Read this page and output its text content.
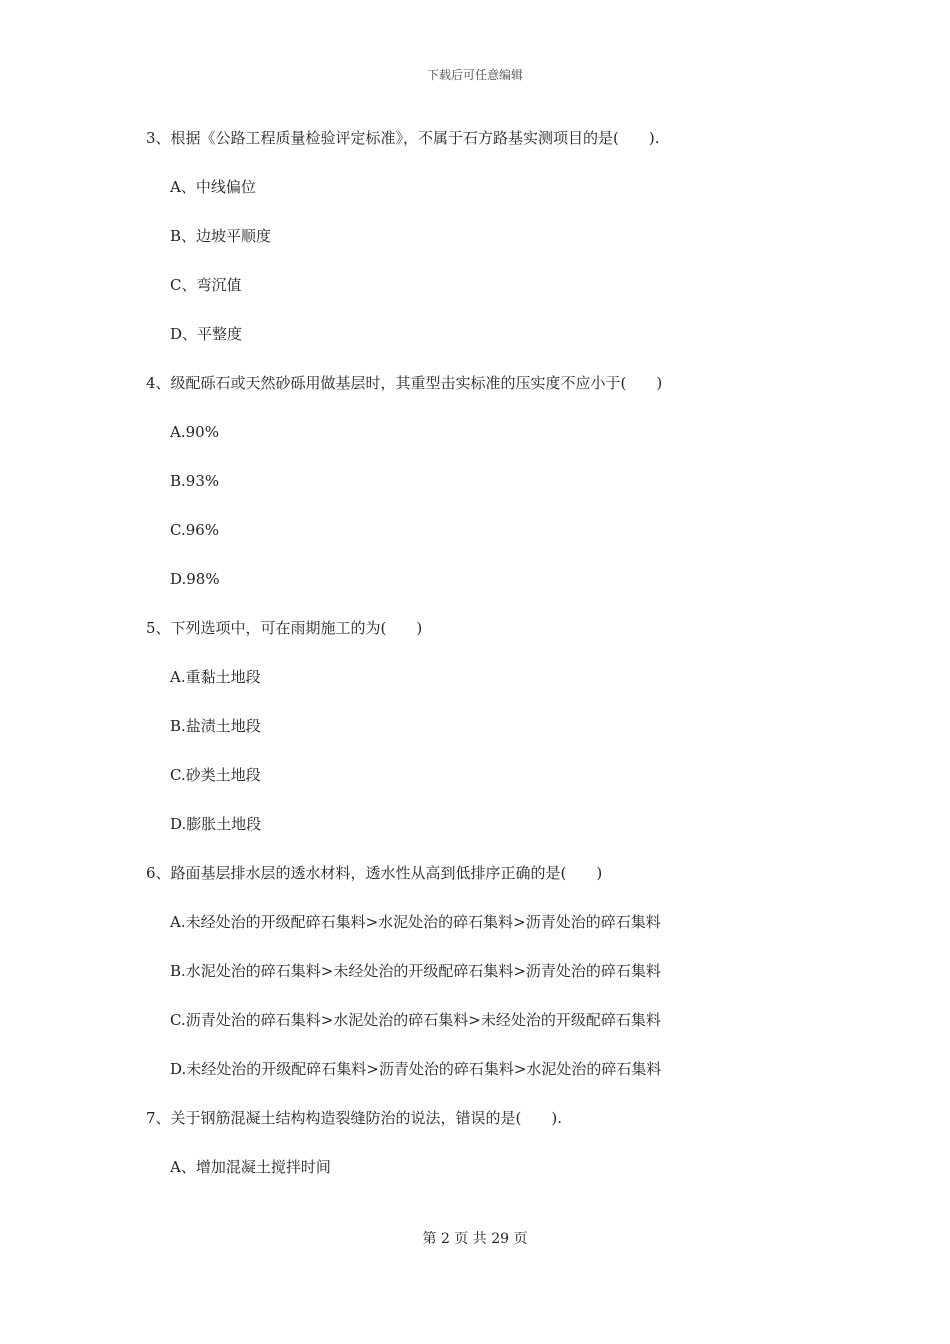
下载后可任意编辑
3、根据《公路工程质量检验评定标准》，不属于石方路基实测项目的是(　　).
A、中线偏位
B、边坡平顺度
C、弯沉值
D、平整度
4、级配砾石或天然砂砾用做基层时，其重型击实标准的压实度不应小于(　　)
A.90%
B.93%
C.96%
D.98%
5、下列选项中，可在雨期施工的为(　　)
A.重黏土地段
B.盐渍土地段
C.砂类土地段
D.膨胀土地段
6、路面基层排水层的透水材料，透水性从高到低排序正确的是(　　)
A.未经处治的开级配碎石集料>水泥处治的碎石集料>沥青处治的碎石集料
B.水泥处治的碎石集料>未经处治的开级配碎石集料>沥青处治的碎石集料
C.沥青处治的碎石集料>水泥处治的碎石集料>未经处治的开级配碎石集料
D.未经处治的开级配碎石集料>沥青处治的碎石集料>水泥处治的碎石集料
7、关于钢筋混凝土结构构造裂缝防治的说法，错误的是(　　).
A、增加混凝土搅拌时间
第 2 页 共 29 页
